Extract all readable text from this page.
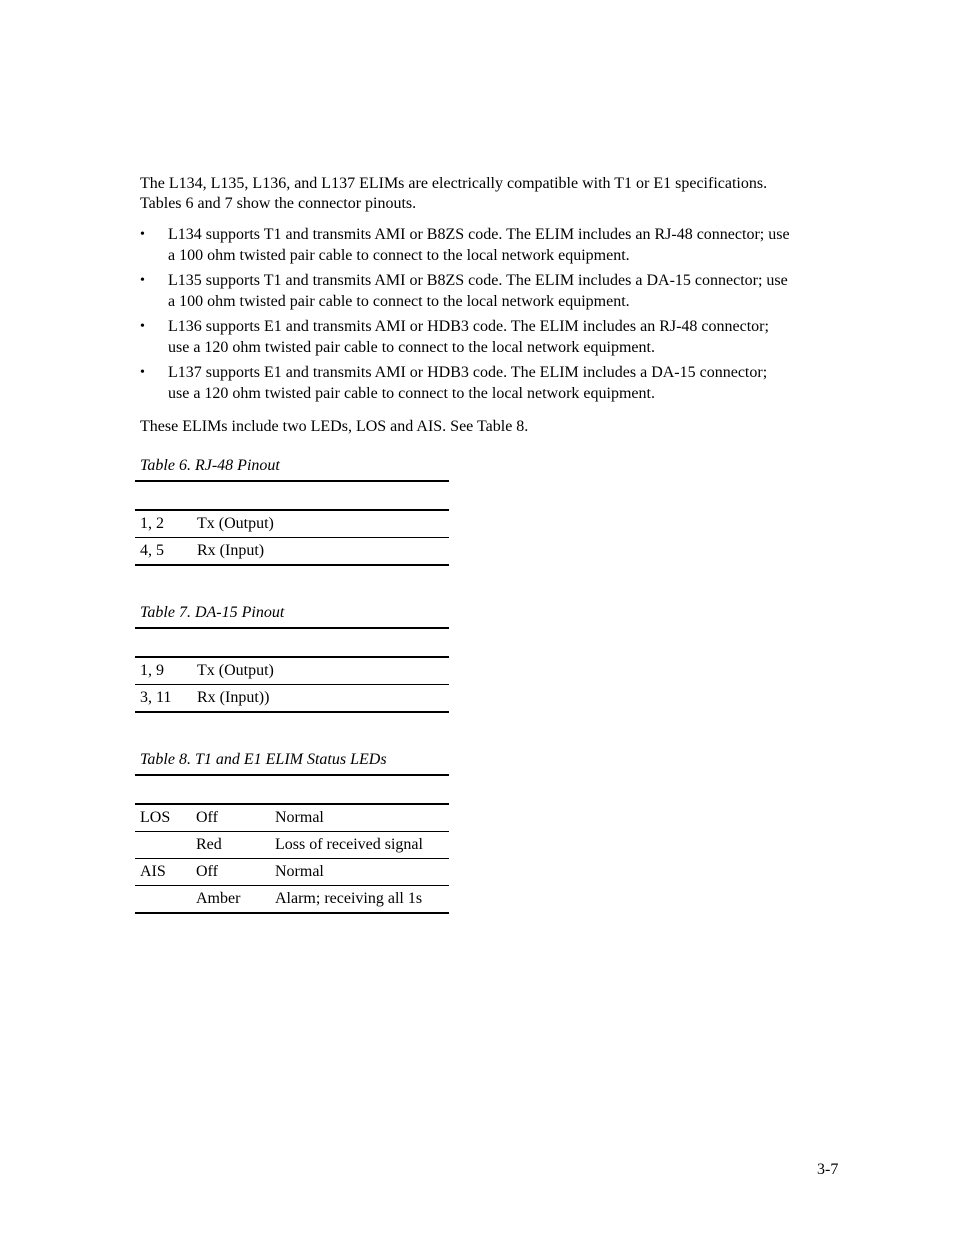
The L134, L135, L136, and L137 ELIMs are electrically compatible with T1 or E1 specifications.
Tables 6 and 7 show the connector pinouts.

•	L134 supports T1 and transmits AMI or B8ZS code. The ELIM includes an RJ-48 connector; use
a 100 ohm twisted pair cable to connect to the local network equipment.
•	L135 supports T1 and transmits AMI or B8ZS code. The ELIM includes a DA-15 connector; use
a 100 ohm twisted pair cable to connect to the local network equipment.
•	L136 supports E1 and transmits AMI or HDB3 code. The ELIM includes an RJ-48 connector;
use a 120 ohm twisted pair cable to connect to the local network equipment.
•	L137 supports E1 and transmits AMI or HDB3 code. The ELIM includes a DA-15 connector;
use a 120 ohm twisted pair cable to connect to the local network equipment.

These ELIMs include two LEDs, LOS and AIS. See Table 8.

Table 6. RJ-48 Pinout

1, 2	Tx (Output)
4, 5	Rx (Input)

Table 7. DA-15 Pinout

1, 9	Tx (Output)
3, 11	Rx (Input))

Table 8. T1 and E1 ELIM Status LEDs

LOS	Off	Normal
	Red	Loss of received signal
AIS	Off	Normal
	Amber	Alarm; receiving all 1s

3-7
